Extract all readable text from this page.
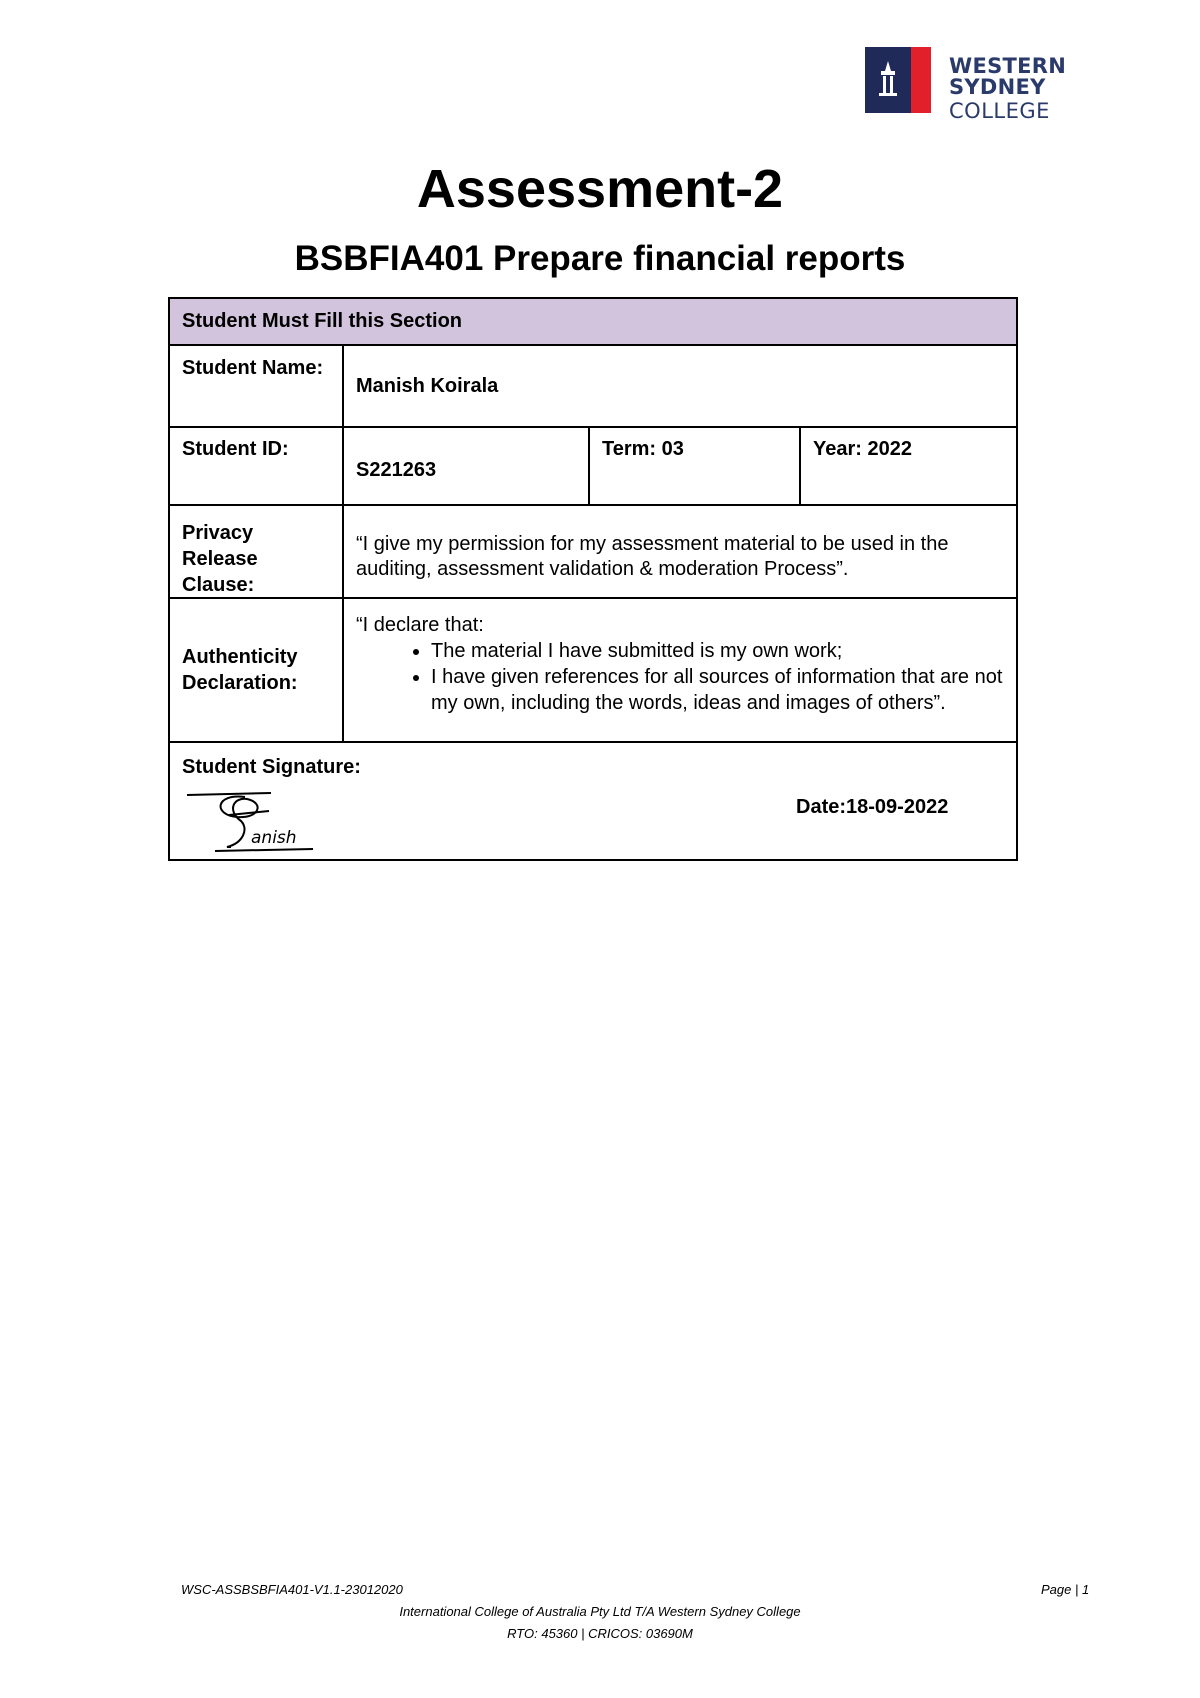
WESTERN SYDNEY
COLLEGE
Assessment-2
BSBFIA401 Prepare financial reports
Student Must Fill this Section
Student Name:
Manish Koirala
Student ID:
S221263
Term: 03	Year: 2022
Privacy Release Clause:
“I give my permission for my assessment material to be used in the auditing, assessment validation & moderation Process”.
Authenticity Declaration:
“I declare that:
• The material I have submitted is my own work;
• I have given references for all sources of information that are not my own, including the words, ideas and images of others”.
Student Signature:
anish
Date:18-09-2022
WSC-ASSBSBFIA401-V1.1-23012020	Page | 1
International College of Australia Pty Ltd T/A Western Sydney College
RTO: 45360 | CRICOS: 03690M
